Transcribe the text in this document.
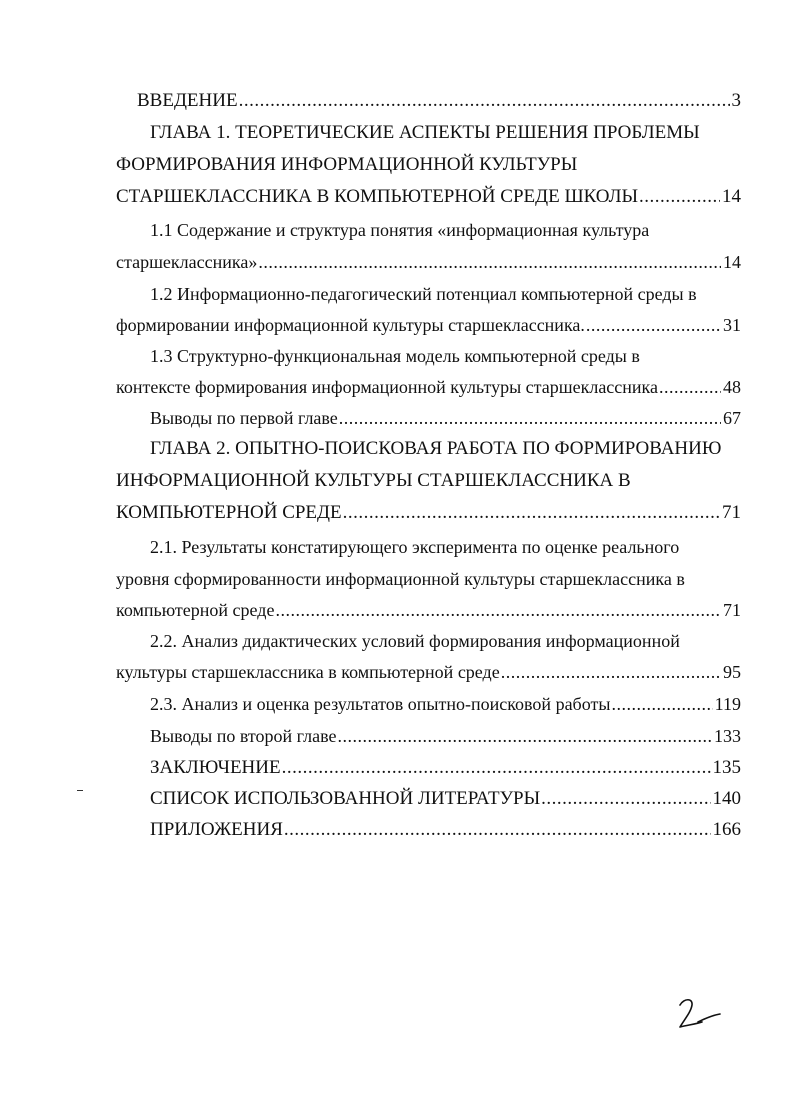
ВВЕДЕНИЕ .....	3
ГЛАВА 1. ТЕОРЕТИЧЕСКИЕ АСПЕКТЫ РЕШЕНИЯ ПРОБЛЕМЫ
ФОРМИРОВАНИЯ ИНФОРМАЦИОННОЙ КУЛЬТУРЫ
СТАРШЕКЛАССНИКА В КОМПЬЮТЕРНОЙ СРЕДЕ ШКОЛЫ .....	14
1.1 Содержание и структура понятия «информационная культура
старшеклассника» .....	14
1.2 Информационно-педагогический потенциал компьютерной среды в
формировании информационной культуры старшеклассника. .....	31
1.3 Структурно-функциональная модель компьютерной среды в
контексте формирования информационной культуры старшеклассника .....	48
Выводы по первой главе .....	67
ГЛАВА 2. ОПЫТНО-ПОИСКОВАЯ РАБОТА ПО ФОРМИРОВАНИЮ
ИНФОРМАЦИОННОЙ КУЛЬТУРЫ СТАРШЕКЛАССНИКА В
КОМПЬЮТЕРНОЙ СРЕДЕ .....	71
2.1. Результаты констатирующего эксперимента по оценке реального
уровня сформированности информационной культуры старшеклассника в
компьютерной среде .....	71
2.2. Анализ дидактических условий формирования информационной
культуры старшеклассника в компьютерной среде .....	95
2.3. Анализ и оценка результатов опытно-поисковой работы .....	119
Выводы по второй главе .....	133
ЗАКЛЮЧЕНИЕ .....	135
СПИСОК ИСПОЛЬЗОВАННОЙ ЛИТЕРАТУРЫ .....	140
ПРИЛОЖЕНИЯ .....	166
